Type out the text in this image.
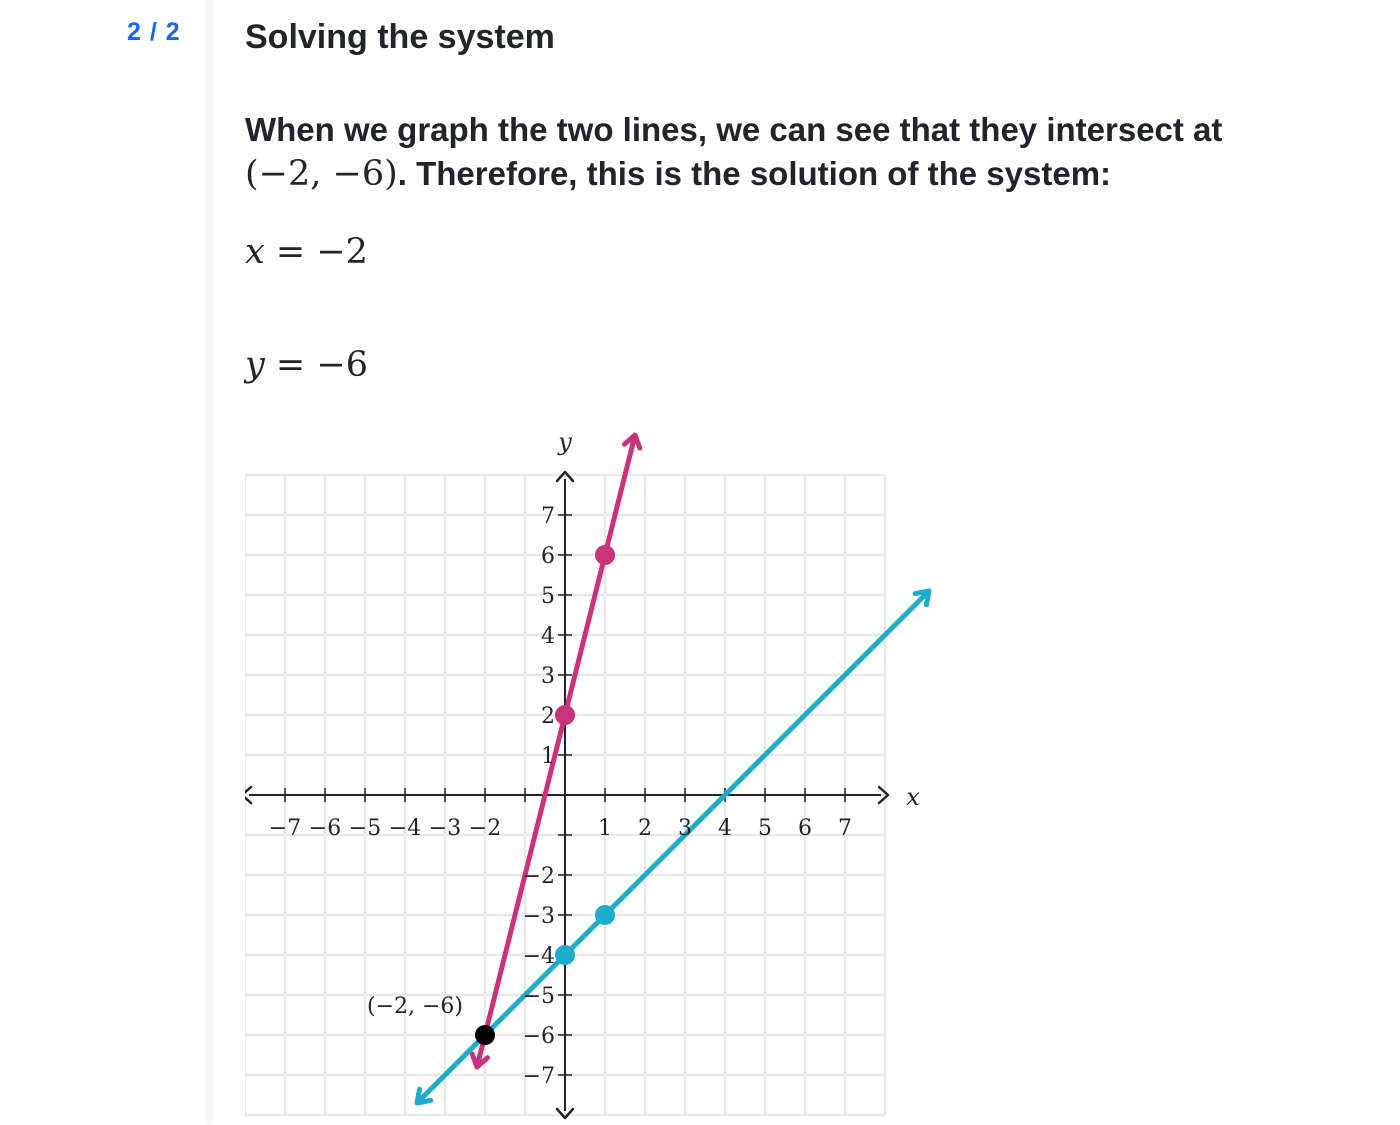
2 / 2 Solving the system
When we graph the two lines, we can see that they intersect at (−2, −6). Therefore, this is the solution of the system:
x = −2
y = −6
−7 −6 −5 −4 −3 −2	1 2 3 4 5 6 7
7
6
5
4
3
2
1
−2
−3
−4
−5
−6
−7
x
y
(−2, −6)
